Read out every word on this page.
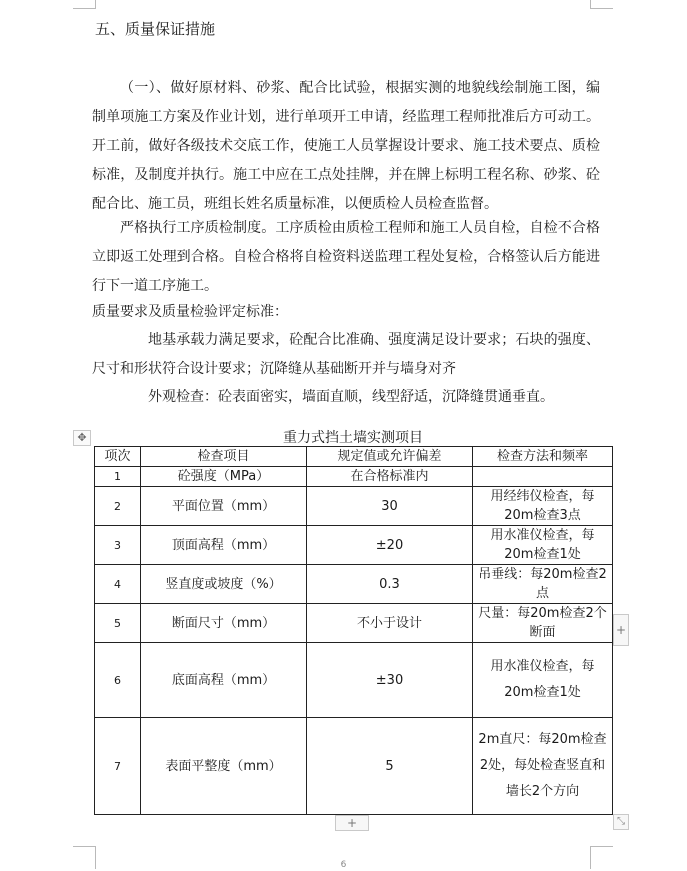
五、质量保证措施
（一）、做好原材料、砂浆、配合比试验，根据实测的地貌线绘制施工图，编制单项施工方案及作业计划，进行单项开工申请，经监理工程师批准后方可动工。开工前，做好各级技术交底工作，使施工人员掌握设计要求、施工技术要点、质检标准，及制度并执行。施工中应在工点处挂牌，并在牌上标明工程名称、砂浆、砼配合比、施工员，班组长姓名质量标准，以便质检人员检查监督。
严格执行工序质检制度。工序质检由质检工程师和施工人员自检，自检不合格立即返工处理到合格。自检合格将自检资料送监理工程处复检，合格签认后方能进行下一道工序施工。
质量要求及质量检验评定标准：
地基承载力满足要求，砼配合比准确、强度满足设计要求；石块的强度、尺寸和形状符合设计要求；沉降缝从基础断开并与墙身对齐
外观检查：砼表面密实，墙面直顺，线型舒适，沉降缝贯通垂直。
✥	重力式挡土墙实测项目
项次	检查项目	规定值或允许偏差	检查方法和频率
1	砼强度（MPa）	在合格标准内	
2	平面位置（mm）	30	用经纬仪检查，每20m检查3点
3	顶面高程（mm）	±20	用水准仪检查，每20m检查1处
4	竖直度或坡度（%）	0.3	吊垂线：每20m检查2点
5	断面尺寸（mm）	不小于设计	尺量：每20m检查2个断面
6	底面高程（mm）	±30	用水准仪检查，每20m检查1处
7	表面平整度（mm）	5	2m直尺：每20m检查2处，每处检查竖直和墙长2个方向
+
+	⤡
6
